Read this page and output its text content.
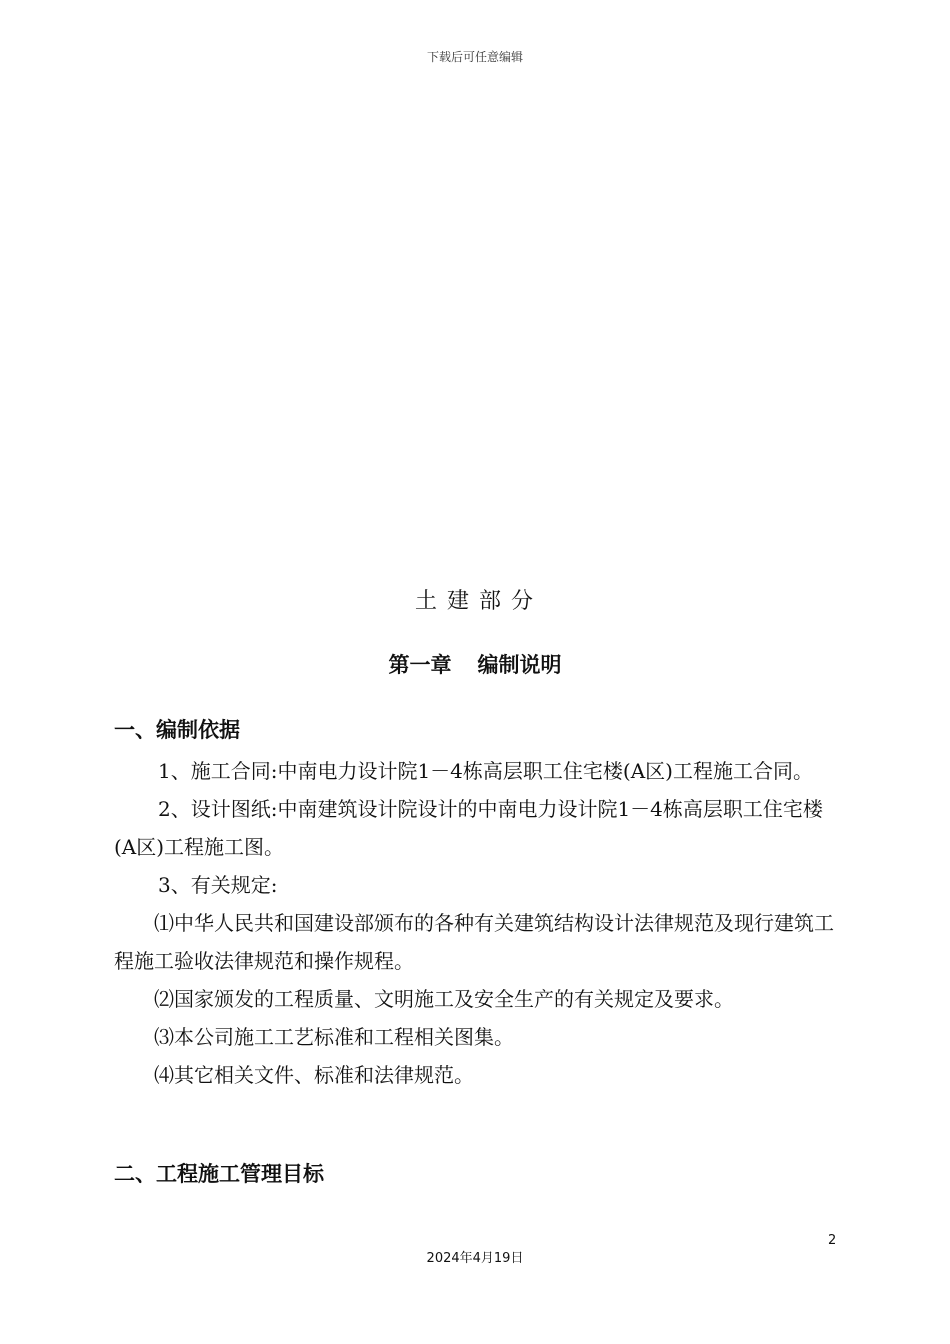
下载后可任意编辑
土建部分
第一章 编制说明
一、编制依据

1、施工合同:中南电力设计院1－4栋高层职工住宅楼(A区)工程施工合同。

2、设计图纸:中南建筑设计院设计的中南电力设计院1－4栋高层职工住宅楼(A区)工程施工图。

3、有关规定:

⑴中华人民共和国建设部颁布的各种有关建筑结构设计法律规范及现行建筑工程施工验收法律规范和操作规程。

⑵国家颁发的工程质量、文明施工及安全生产的有关规定及要求。

⑶本公司施工工艺标准和工程相关图集。

⑷其它相关文件、标准和法律规范。

二、工程施工管理目标
2
2024年4月19日
